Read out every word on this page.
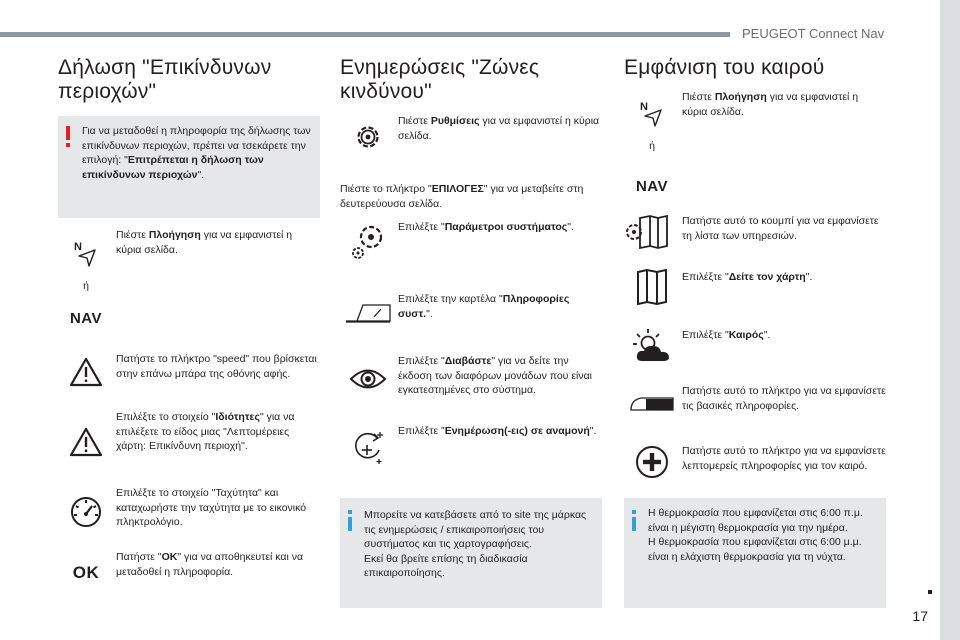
PEUGEOT Connect Nav
17
Δήλωση "Επικίνδυνων περιοχών"
Για να μεταδοθεί η πληροφορία της δήλωσης των επικίνδυνων περιοχών, πρέπει να τσεκάρετε την επιλογή: "Επιτρέπεται η δήλωση των επικίνδυνων περιοχών".
N
ή
NAV
Πιέστε Πλοήγηση για να εμφανιστεί η κύρια σελίδα.
Πατήστε το πλήκτρο "speed" που βρίσκεται στην επάνω μπάρα της οθόνης αφής.
Επιλέξτε το στοιχείο "Ιδιότητες" για να επιλέξετε το είδος μιας "Λεπτομέρειες χάρτη: Επικίνδυνη περιοχή".
Επιλέξτε το στοιχείο "Ταχύτητα" και καταχωρήστε την ταχύτητα με το εικονικό πληκτρολόγιο.
OK
Πατήστε "OK" για να αποθηκευτεί και να μεταδοθεί η πληροφορία.
Ενημερώσεις "Ζώνες κινδύνου"
Πιέστε Ρυθμίσεις για να εμφανιστεί η κύρια σελίδα.
Πιέστε το πλήκτρο "ΕΠΙΛΟΓΕΣ" για να μεταβείτε στη δευτερεύουσα σελίδα.
Επιλέξτε "Παράμετροι συστήματος".
Επιλέξτε την καρτέλα "Πληροφορίες συστ.".
Επιλέξτε "Διαβάστε" για να δείτε την έκδοση των διαφόρων μονάδων που είναι εγκατεστημένες στο σύστημα.
Επιλέξτε "Ενημέρωση(-εις) σε αναμονή".
Μπορείτε να κατεβάσετε από το site της μάρκας τις ενημερώσεις / επικαιροποιήσεις του συστήματος και τις χαρτογραφήσεις.
Εκεί θα βρείτε επίσης τη διαδικασία επικαιροποίησης.
Εμφάνιση του καιρού
N
ή
NAV
Πιέστε Πλοήγηση για να εμφανιστεί η κύρια σελίδα.
Πατήστε αυτό το κουμπί για να εμφανίσετε τη λίστα των υπηρεσιών.
Επιλέξτε "Δείτε τον χάρτη".
Επιλέξτε "Καιρός".
Πατήστε αυτό το πλήκτρο για να εμφανίσετε τις βασικές πληροφορίες.
Πατήστε αυτό το πλήκτρο για να εμφανίσετε λεπτομερείς πληροφορίες για τον καιρό.
Η θερμοκρασία που εμφανίζεται στις 6:00 π.μ. είναι η μέγιστη θερμοκρασία για την ημέρα.
Η θερμοκρασία που εμφανίζεται στις 6:00 μ.μ. είναι η ελάχιστη θερμοκρασία για τη νύχτα.
